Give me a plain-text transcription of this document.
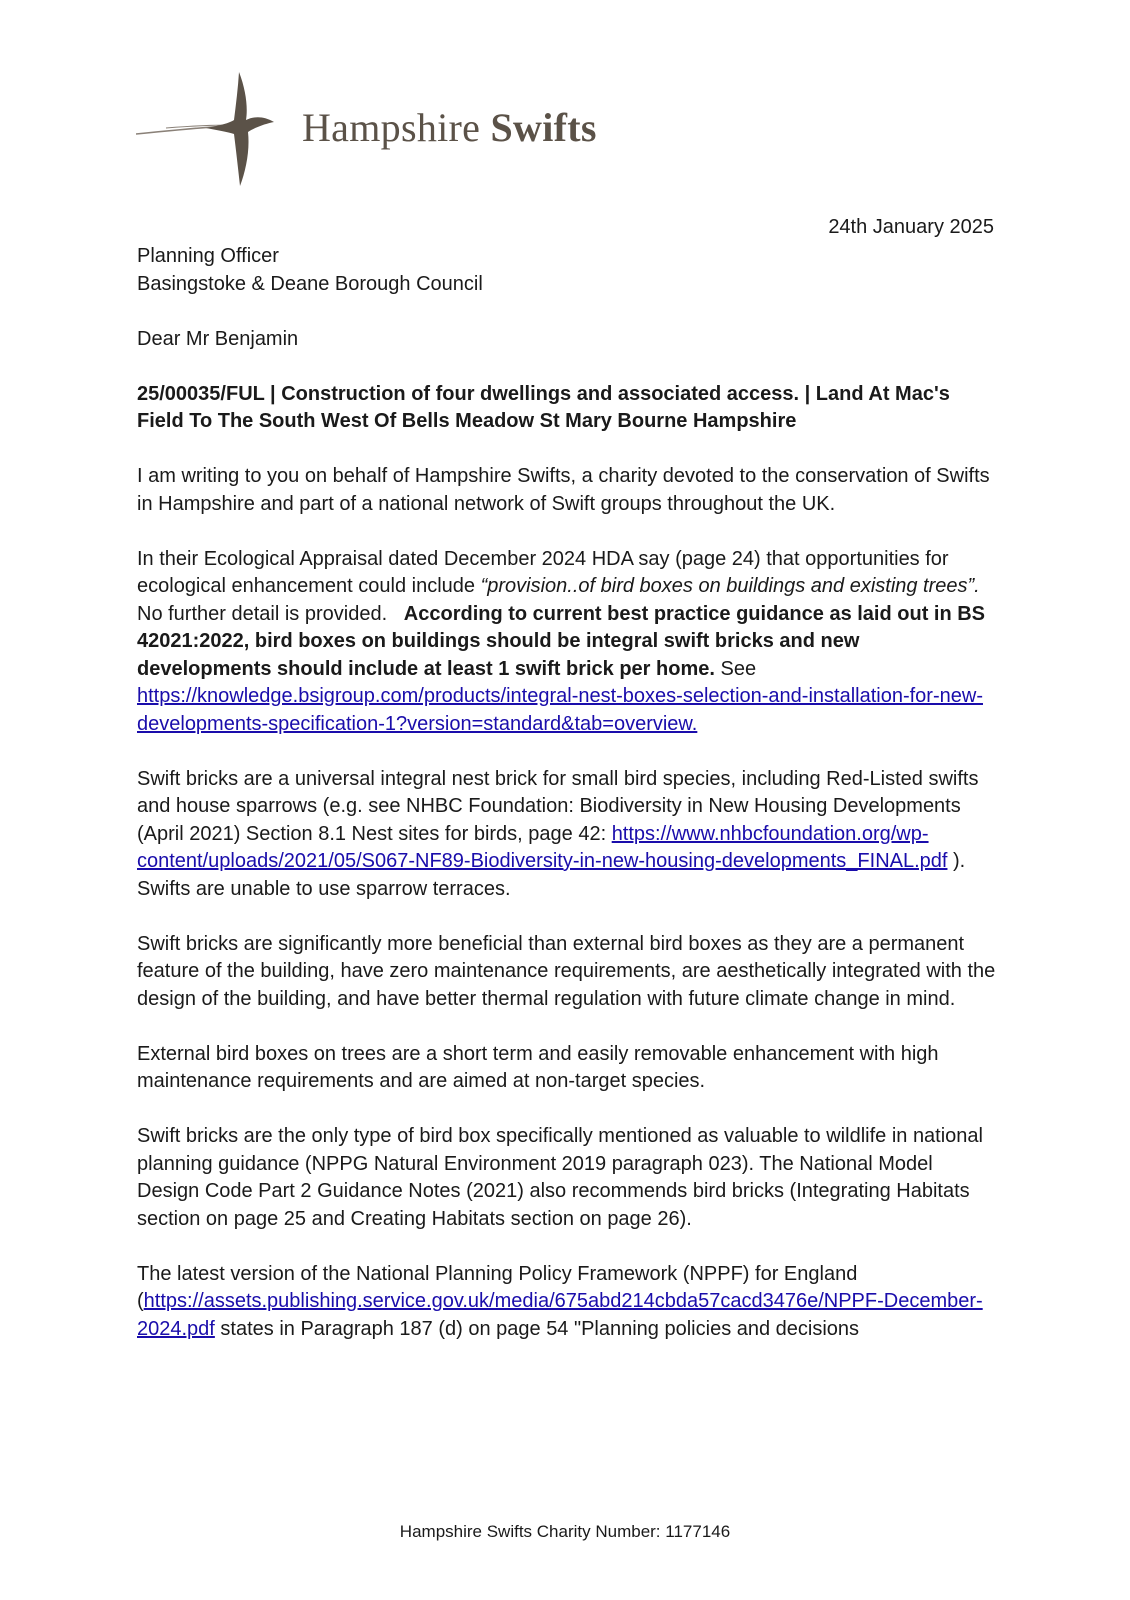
Hampshire Swifts
24th January 2025

Planning Officer
Basingstoke & Deane Borough Council

Dear Mr Benjamin

25/00035/FUL | Construction of four dwellings and associated access. | Land At Mac's Field To The South West Of Bells Meadow St Mary Bourne Hampshire

I am writing to you on behalf of Hampshire Swifts, a charity devoted to the conservation of Swifts in Hampshire and part of a national network of Swift groups throughout the UK.

In their Ecological Appraisal dated December 2024 HDA say (page 24) that opportunities for ecological enhancement could include “provision..of bird boxes on buildings and existing trees”.    No further detail is provided.   According to current best practice guidance as laid out in BS 42021:2022, bird boxes on buildings should be integral swift bricks and new developments should include at least 1 swift brick per home. See https://knowledge.bsigroup.com/products/integral-nest-boxes-selection-and-installation-for-new-developments-specification-1?version=standard&tab=overview.

Swift bricks are a universal integral nest brick for small bird species, including Red-Listed swifts and house sparrows (e.g. see NHBC Foundation: Biodiversity in New Housing Developments (April 2021) Section 8.1 Nest sites for birds, page 42: https://www.nhbcfoundation.org/wp-content/uploads/2021/05/S067-NF89-Biodiversity-in-new-housing-developments_FINAL.pdf ).   Swifts are unable to use sparrow terraces.

Swift bricks are significantly more beneficial than external bird boxes as they are a permanent feature of the building, have zero maintenance requirements, are aesthetically integrated with the design of the building, and have better thermal regulation with future climate change in mind.

External bird boxes on trees are a short term and easily removable enhancement with high maintenance requirements and are aimed at non-target species.

Swift bricks are the only type of bird box specifically mentioned as valuable to wildlife in national planning guidance (NPPG Natural Environment 2019 paragraph 023). The National Model Design Code Part 2 Guidance Notes (2021) also recommends bird bricks (Integrating Habitats section on page 25 and Creating Habitats section on page 26).

The latest version of the National Planning Policy Framework (NPPF) for England (https://assets.publishing.service.gov.uk/media/675abd214cbda57cacd3476e/NPPF-December-2024.pdf states in Paragraph 187 (d) on page 54 "Planning policies and decisions

Hampshire Swifts Charity Number: 1177146
